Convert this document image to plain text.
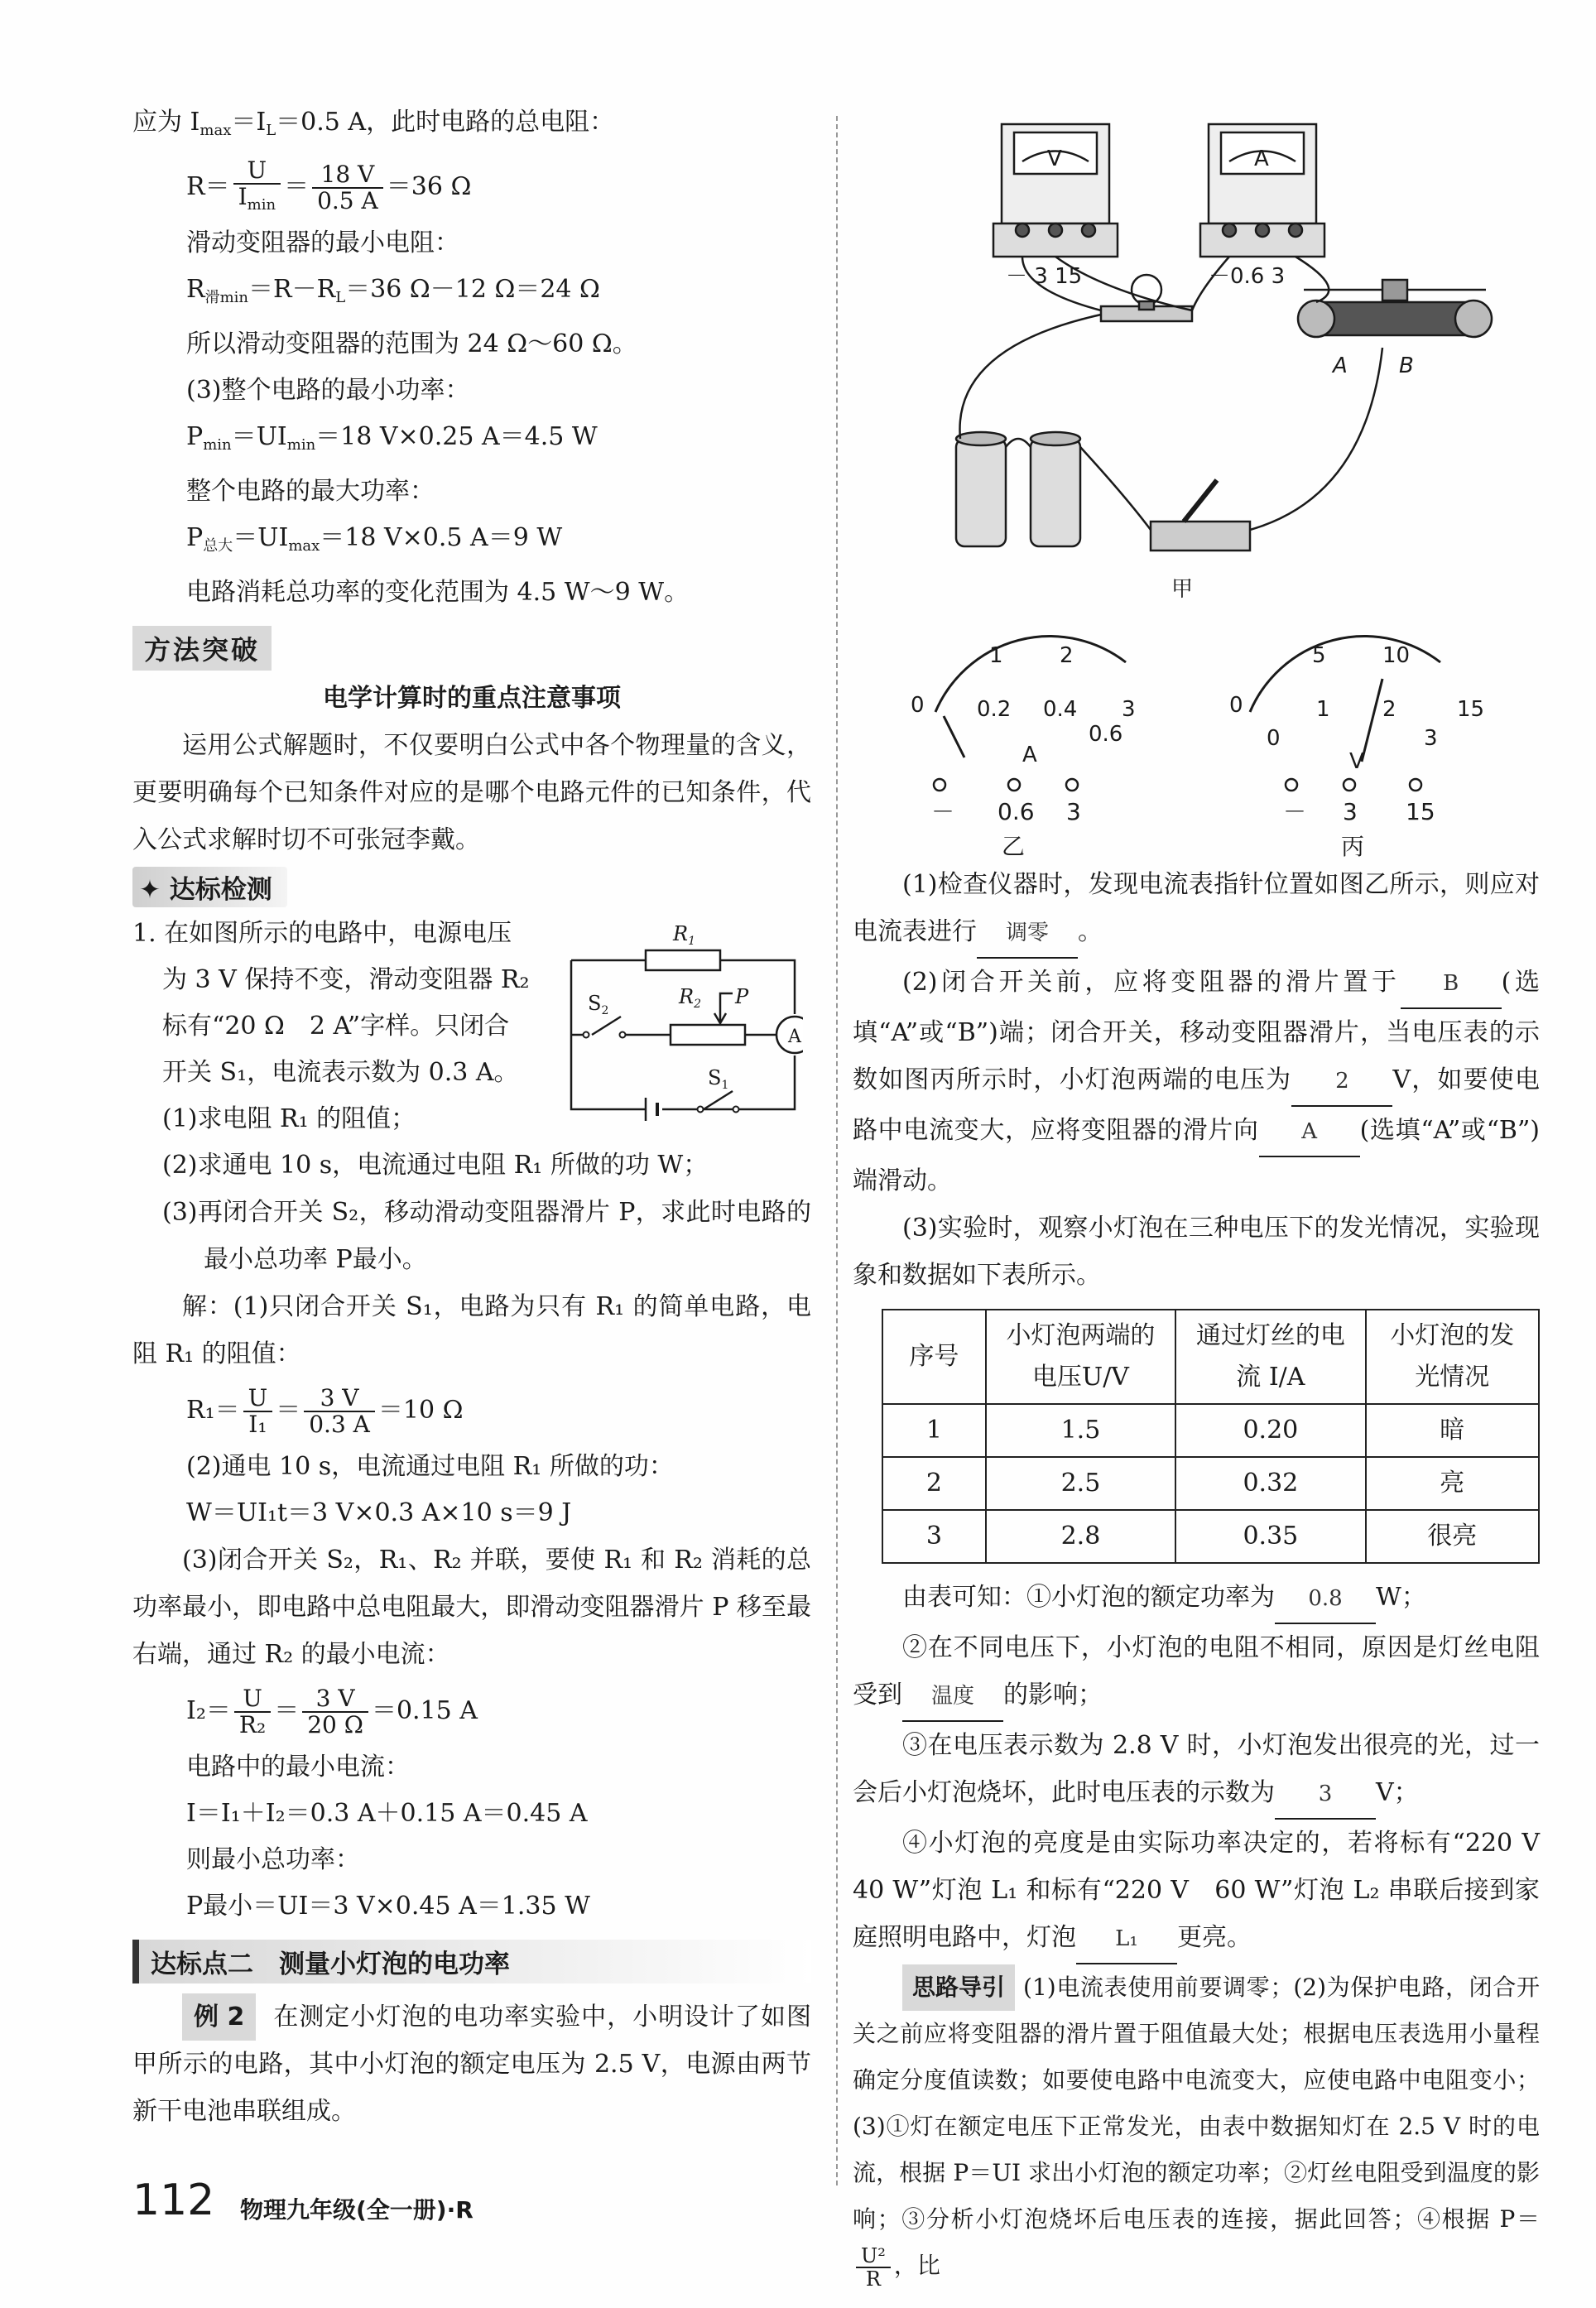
应为 $I_{max}=I_L=0.5$ A，此时电路的总电阻：
$R= \frac{U}{I_{min}} = \frac{18 V}{0.5 A} =36$ Ω
滑动变阻器的最小电阻：
$R_{滑min}=R-R_L=36$ Ω－12 Ω＝24 Ω
所以滑动变阻器的范围为 24 Ω～60 Ω。
(3)整个电路的最小功率：
$P_{min}=UI_{min}=18$ V×0.25 A＝4.5 W
整个电路的最大功率：
$P_{总大}=UI_{max}=18$ V×0.5 A＝9 W
电路消耗总功率的变化范围为 4.5 W～9 W。
方法突破
电学计算时的重点注意事项
运用公式解题时，不仅要明白公式中各个物理量的含义，更要明确每个已知条件对应的是哪个电路元件的已知条件，代入公式求解时切不可张冠李戴。
✦ 达标检测
1. 在如图所示的电路中，电源电压
为 3 V 保持不变，滑动变阻器 R₂
标有“20 Ω　2 A”字样。只闭合
开关 S₁，电流表示数为 0.3 A。
(1)求电阻 R₁ 的阻值；
$R_1$
$R_2$ P
$S_2$
$S_1$
A
(2)求通电 10 s，电流通过电阻 R₁ 所做的功 W；
(3)再闭合开关 S₂，移动滑动变阻器滑片 P，求此时电路的最小总功率 P最小。
解：(1)只闭合开关 S₁，电路为只有 R₁ 的简单电路，电阻 R₁ 的阻值：
$R_1= \frac{U}{\text{I₁}} = \frac{3 V}{0.3 A} =10$ Ω
(2)通电 10 s，电流通过电阻 R₁ 所做的功：
W＝UI₁t＝3 V×0.3 A×10 s＝9 J
(3)闭合开关 S₂，R₁、R₂ 并联，要使 R₁ 和 R₂ 消耗的总功率最小，即电路中总电阻最大，即滑动变阻器滑片 P 移至最右端，通过 R₂ 的最小电流：
$I_2= \frac{U}{\text{R₂}} = \frac{3 V}{20 \Omega} =0.15$ A
电路中的最小电流：
I＝I₁＋I₂＝0.3 A＋0.15 A＝0.45 A
则最小总功率：
P最小＝UI＝3 V×0.45 A＝1.35 W
达标点二　测量小灯泡的电功率
例 2 在测定小灯泡的电功率实验中，小明设计了如图甲所示的电路，其中小灯泡的额定电压为 2.5 V，电源由两节新干电池串联组成。
V	A
－ 3 15	－0.6 3
A B
甲
1	2
0 0.2 0.4
0.6
3
A
5	10
0	1 2
3
0
15
V
－ 0.6 3	－ 3 15
乙	丙
(1)检查仪器时，发现电流表指针位置如图乙所示，则应对电流表进行 调零 。
(2)闭合开关前，应将变阻器的滑片置于 B (选填“A”或“B”)端；闭合开关，移动变阻器滑片，当电压表的示数如图丙所示时，小灯泡两端的电压为 2 V，如要使电路中电流变大，应将变阻器的滑片向 A (选填“A”或“B”)端滑动。
(3)实验时，观察小灯泡在三种电压下的发光情况，实验现象和数据如下表所示。
序号	小灯泡两端的电压U/V	通过灯丝的电流 I/A	小灯泡的发光情况
1	1.5	0.20	暗
2	2.5	0.32	亮
3	2.8	0.35	很亮
由表可知：①小灯泡的额定功率为 0.8 W；
②在不同电压下，小灯泡的电阻不相同，原因是灯丝电阻受到 温度 的影响；
③在电压表示数为 2.8 V 时，小灯泡发出很亮的光，过一会后小灯泡烧坏，此时电压表的示数为 3 V；
④小灯泡的亮度是由实际功率决定的，若将标有“220 V　40 W”灯泡 L₁ 和标有“220 V　60 W”灯泡 L₂ 串联后接到家庭照明电路中，灯泡 L₁ 更亮。
思路导引 (1)电流表使用前要调零；(2)为保护电路，闭合开关之前应将变阻器的滑片置于阻值最大处；根据电压表选用小量程确定分度值读数；如要使电路中电流变大，应使电路中电阻变小；(3)①灯在额定电压下正常发光，由表中数据知灯在 2.5 V 时的电流，根据 P＝UI 求出小灯泡的额定功率；②灯丝电阻受到温度的影响；③分析小灯泡烧坏后电压表的连接，据此回答；④根据 P＝
$\frac{\text{U²}}{R}$ ，比
112 物理九年级(全一册)·R
